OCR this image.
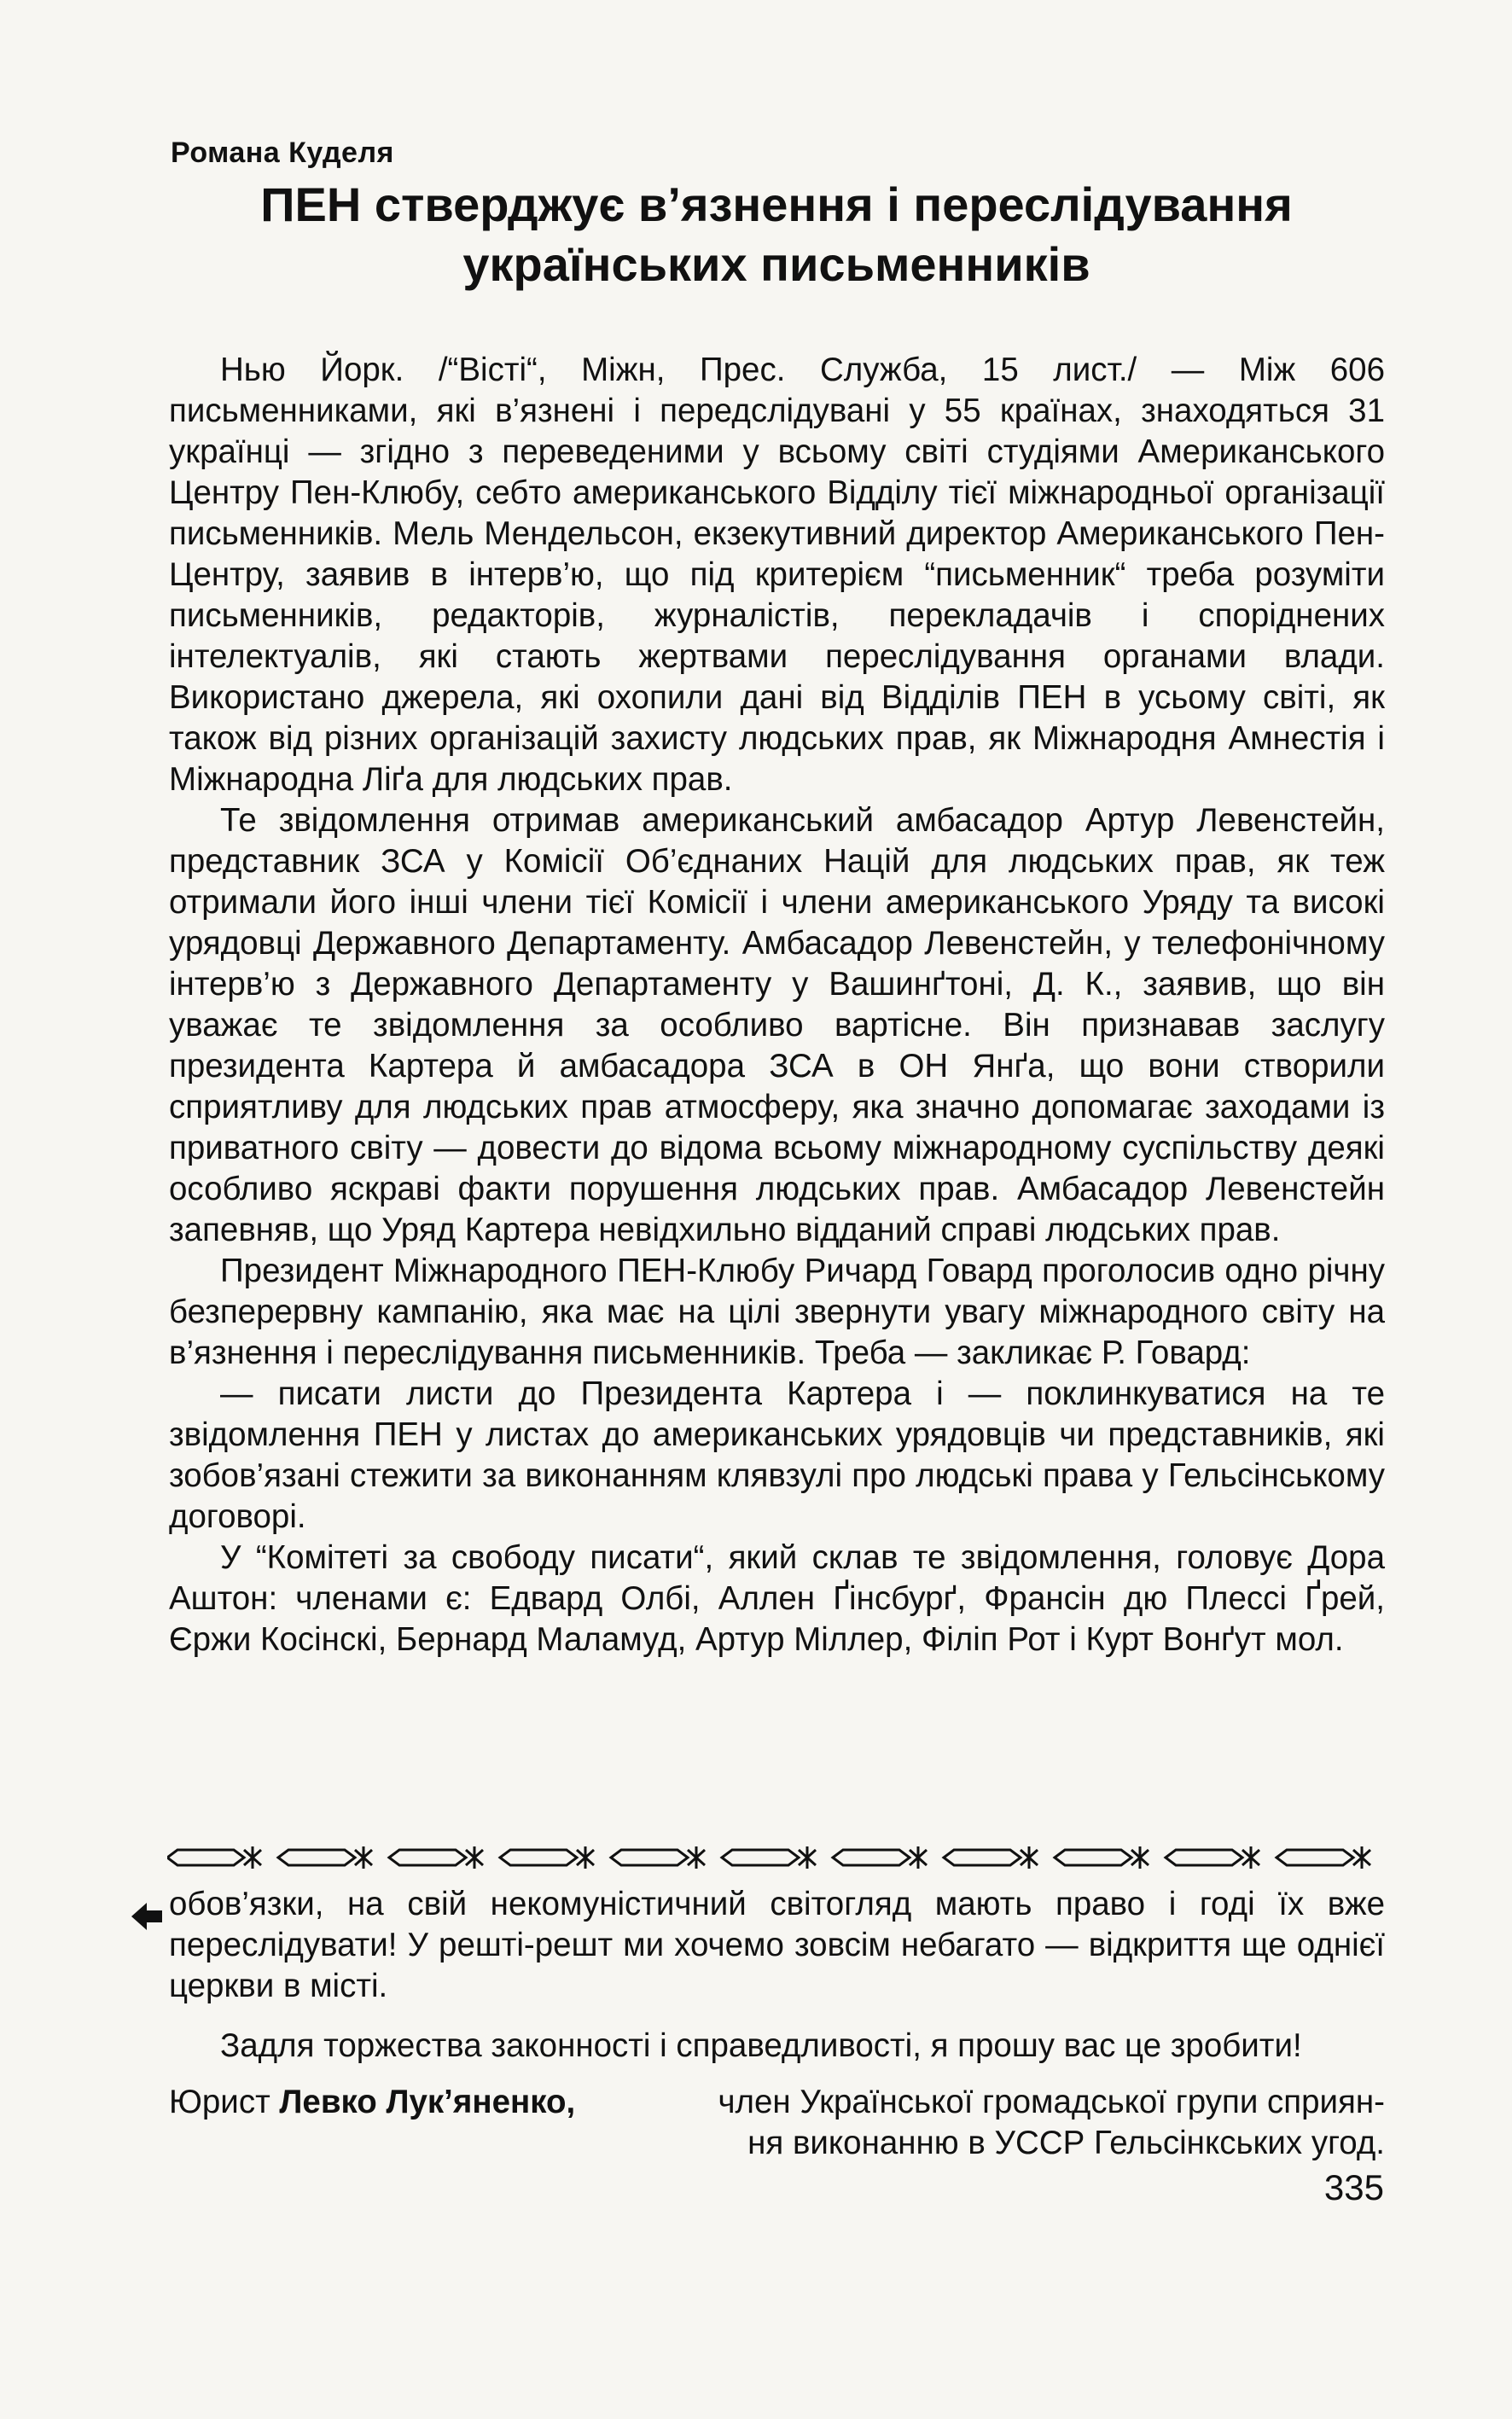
Романа Куделя
ПЕН стверджує в’язнення і переслідування
українських письменників

Нью Йорк. /“Вісті“, Міжн, Прес. Служба, 15 лист./ — Між 606 письменниками, які в’язнені і передслідувані у 55 країнах, знаходяться 31 українці — згідно з переведеними у всьому світі студіями Американського Центру Пен-Клюбу, себто американського Відділу тієї міжнародньої організації письменників. Мель Мендельсон, екзекутивний директор Американського Пен-Центру, заявив в інтерв’ю, що під критерієм “письменник“ треба розуміти письменників, редакторів, журналістів, перекладачів і споріднених інтелектуалів, які стають жертвами переслідування органами влади. Використано джерела, які охопили дані від Відділів ПЕН в усьому світі, як також від різних організацій захисту людських прав, як Міжнародня Амнестія і Міжнародна Ліґа для людських прав.

Те звідомлення отримав американський амбасадор Артур Левенстейн, представник ЗСА у Комісії Об’єднаних Націй для людських прав, як теж отримали його інші члени тієї Комісії і члени американського Уряду та високі урядовці Державного Департаменту. Амбасадор Левенстейн, у телефонічному інтерв’ю з Державного Департаменту у Вашинґтоні, Д. К., заявив, що він уважає те звідомлення за особливо вартісне. Він признавав заслугу президента Картера й амбасадора ЗСА в ОН Янґа, що вони створили сприятливу для людських прав атмосферу, яка значно допомагає заходами із приватного світу — довести до відома всьому міжнародному суспільству деякі особливо яскраві факти порушення людських прав. Амбасадор Левенстейн запевняв, що Уряд Картера невідхильно відданий справі людських прав.

Президент Міжнародного ПЕН-Клюбу Ричард Говард проголосив одно річну безперервну кампанію, яка має на цілі звернути увагу міжнародного світу на в’язнення і переслідування письменників. Треба — закликає Р. Говард:

— писати листи до Президента Картера і — поклинкуватися на те звідомлення ПЕН у листах до американських урядовців чи представників, які зобов’язані стежити за виконанням клявзулі про людські права у Гельсінському договорі.

У “Комітеті за свободу писати“, який склав те звідомлення, головує Дора Аштон: членами є: Едвард Олбі, Аллен Ґінсбурґ, Франсін дю Плессі Ґрей, Єржи Косінскі, Бернард Маламуд, Артур Міллер, Філіп Рот і Курт Вонґут мол.

обов’язки, на свій некомуністичний світогляд мають право і годі їх вже переслідувати! У решті-решт ми хочемо зовсім небагато — відкриття ще однієї церкви в місті.

Задля торжества законності і справедливості, я прошу вас це зробити!

Юрист Левко Лук’яненко,	член Української громадської групи сприян-
ня виконанню в УССР Гельсінкських угод.
335
